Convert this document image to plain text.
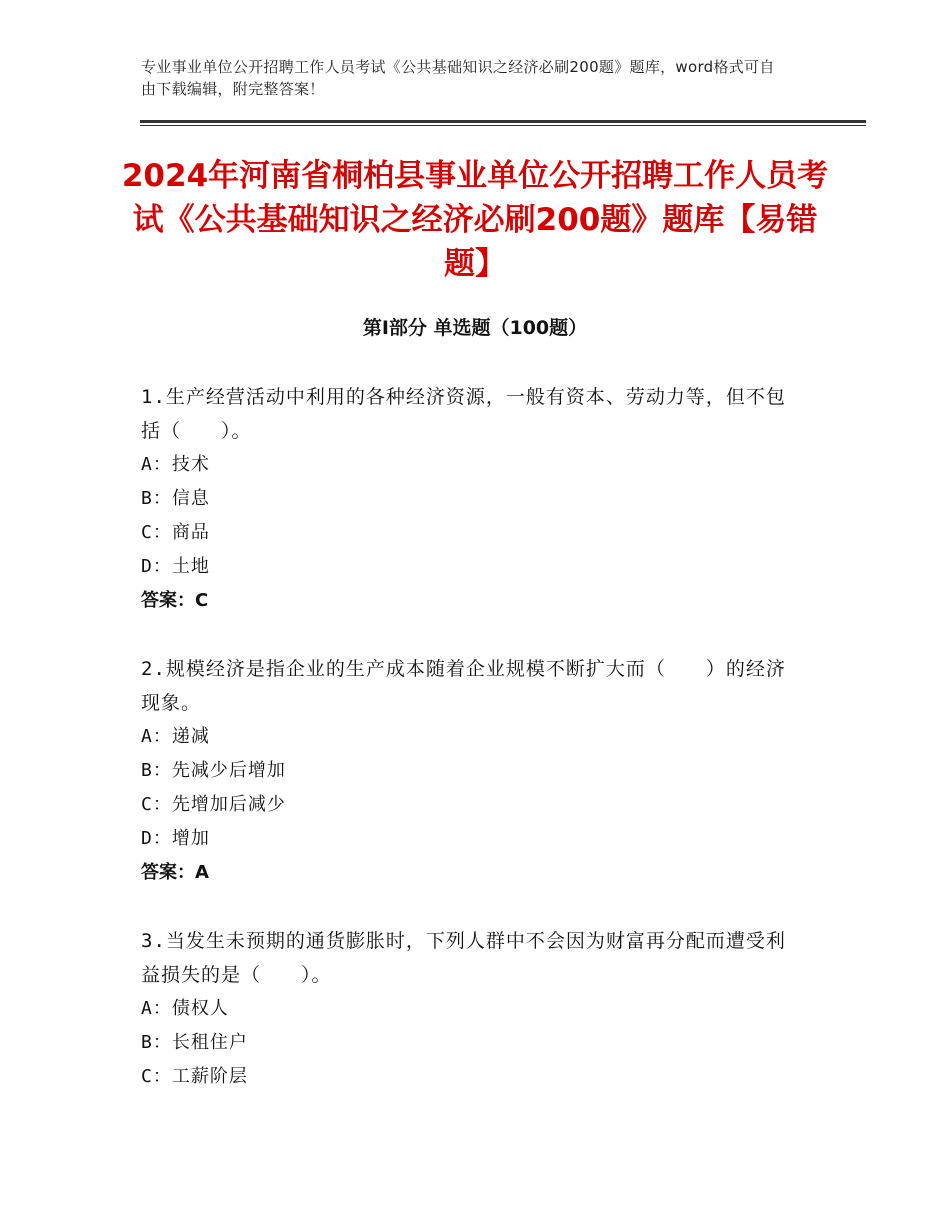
专业事业单位公开招聘工作人员考试《公共基础知识之经济必刷200题》题库，word格式可自由下载编辑，附完整答案！
2024年河南省桐柏县事业单位公开招聘工作人员考试《公共基础知识之经济必刷200题》题库【易错题】
第Ⅰ部分 单选题（100题）
1.生产经营活动中利用的各种经济资源，一般有资本、劳动力等，但不包括（　　）。
A：技术
B：信息
C：商品
D：土地
答案：C
2.规模经济是指企业的生产成本随着企业规模不断扩大而（　　）的经济现象。
A：递减
B：先减少后增加
C：先增加后减少
D：增加
答案：A
3.当发生未预期的通货膨胀时，下列人群中不会因为财富再分配而遭受利益损失的是（　　）。
A：债权人
B：长租住户
C：工薪阶层
